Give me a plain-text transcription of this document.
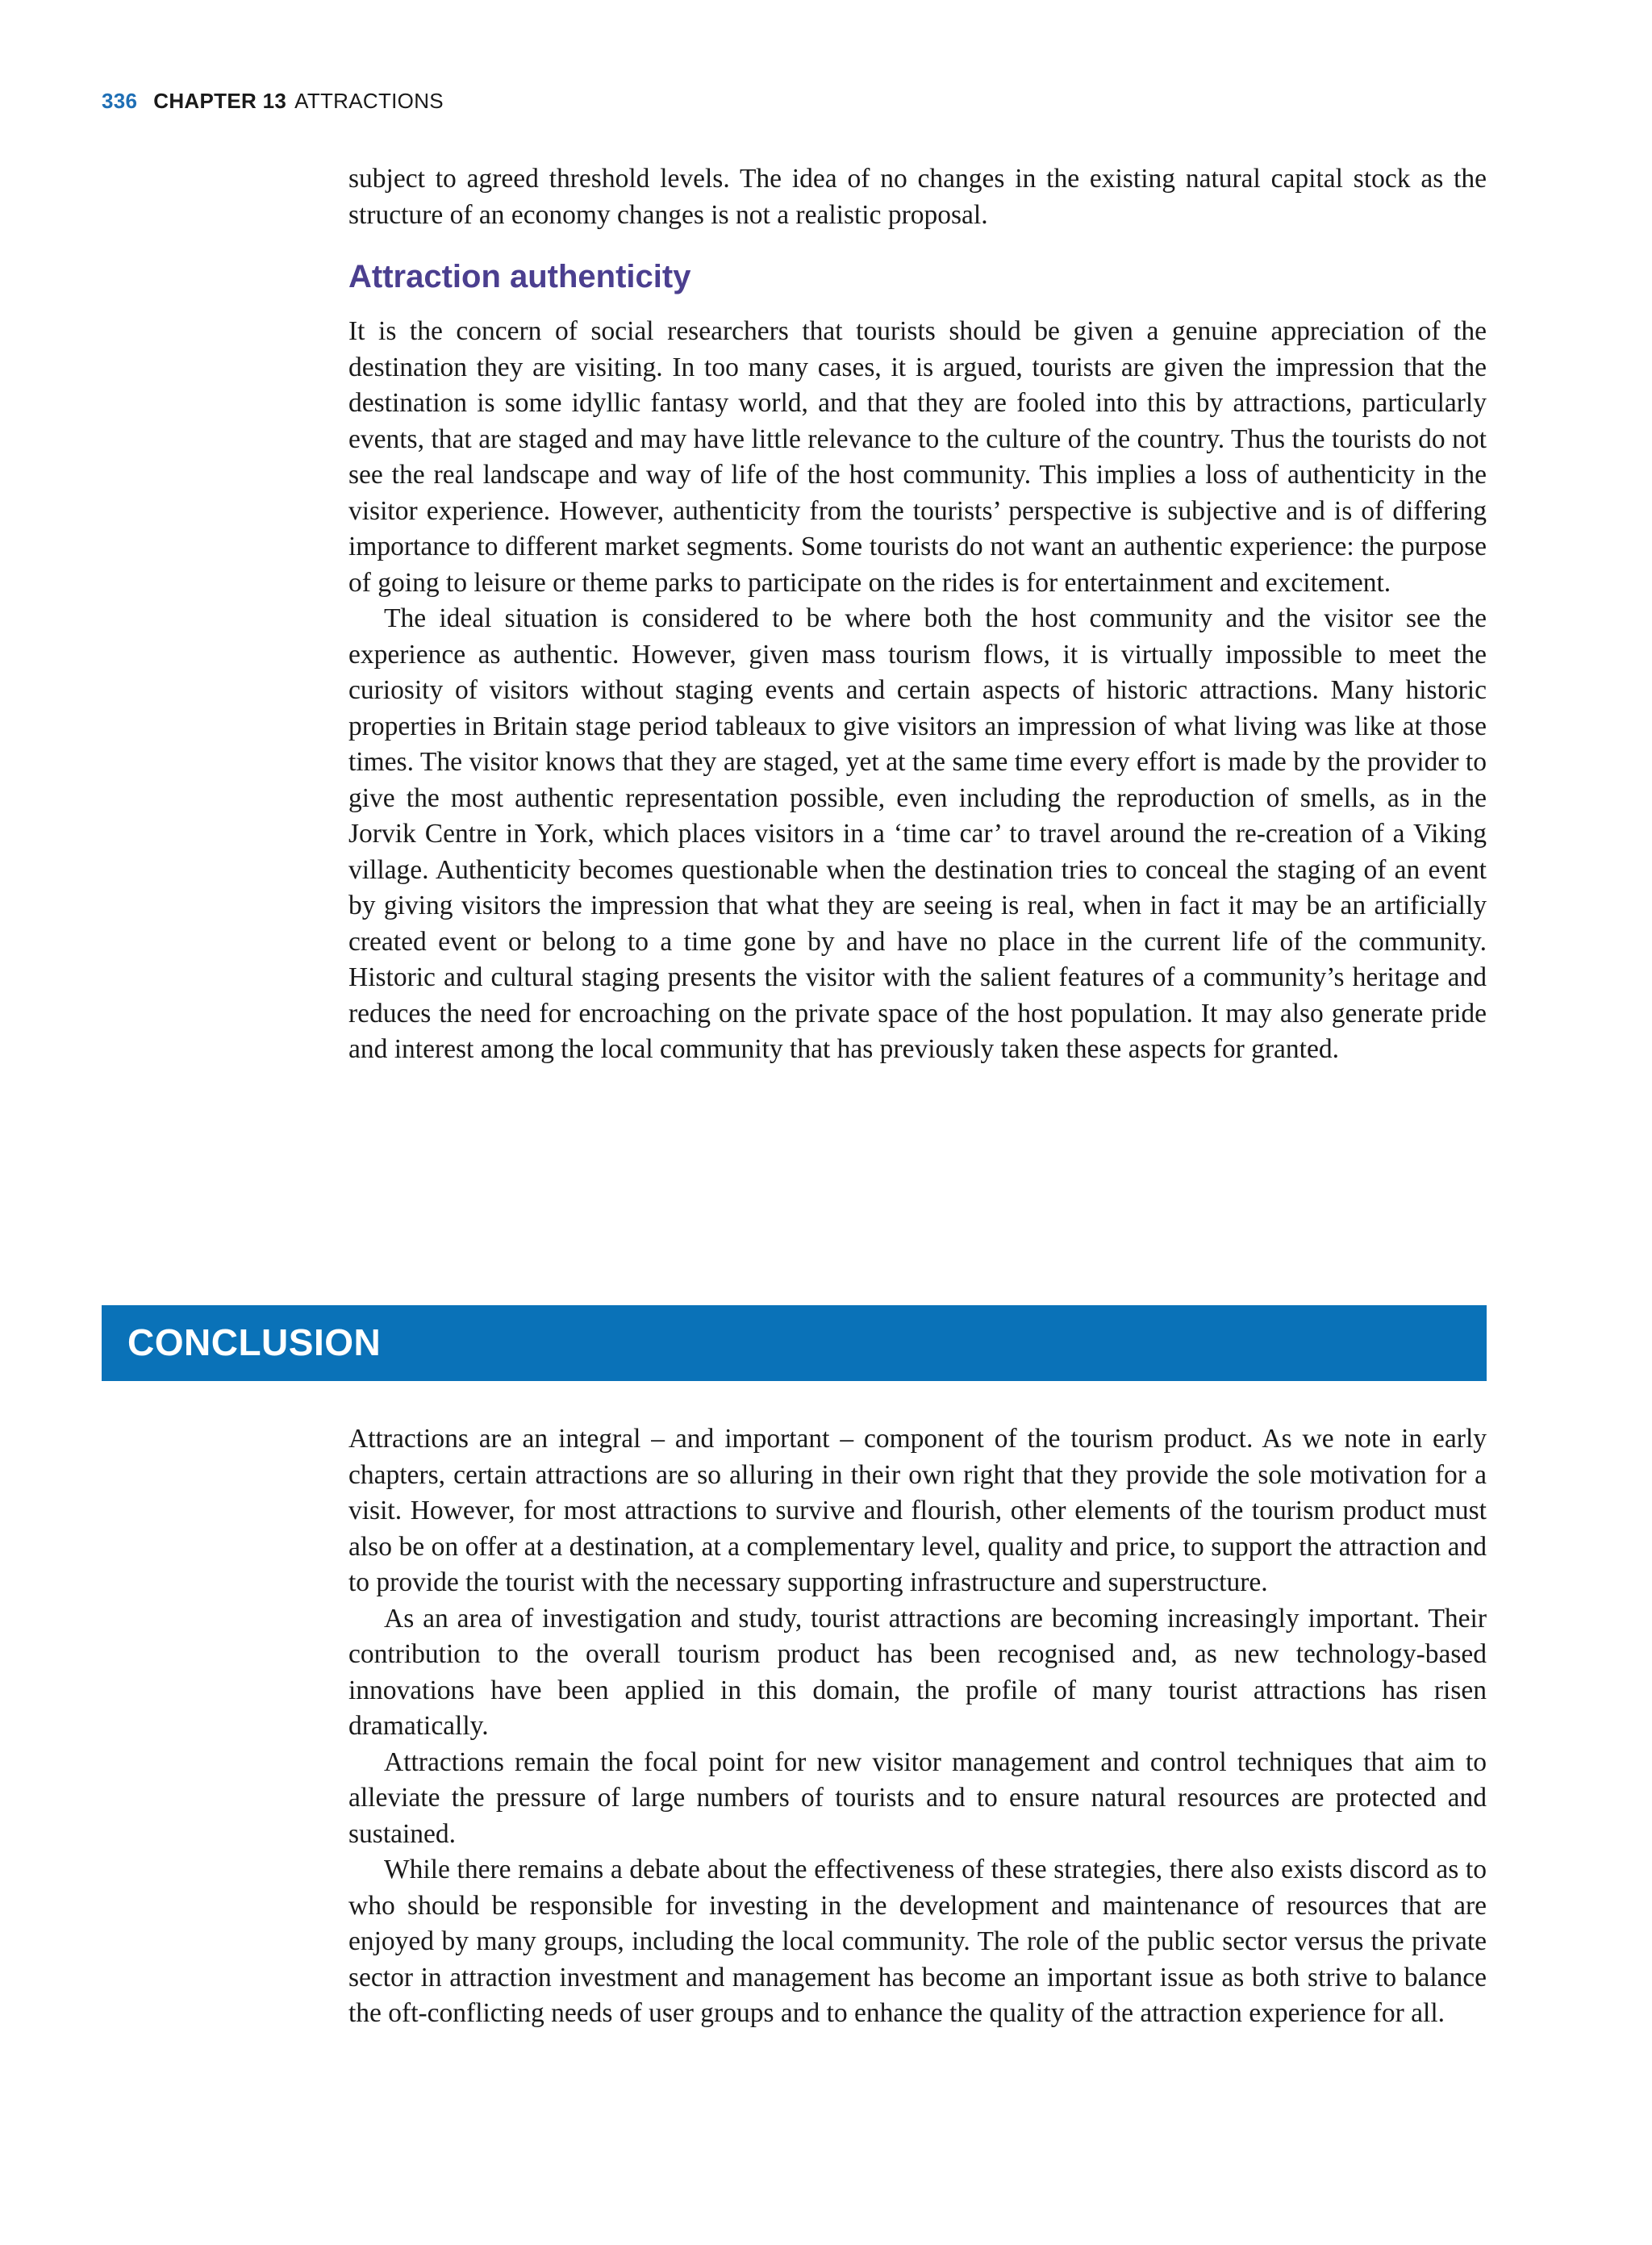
336 CHAPTER 13 ATTRACTIONS

subject to agreed threshold levels. The idea of no changes in the existing natural capital stock as the structure of an economy changes is not a realistic proposal.

Attraction authenticity

It is the concern of social researchers that tourists should be given a genuine appreciation of the destination they are visiting. In too many cases, it is argued, tourists are given the impression that the destination is some idyllic fantasy world, and that they are fooled into this by attractions, particularly events, that are staged and may have little relevance to the culture of the country. Thus the tourists do not see the real landscape and way of life of the host community. This implies a loss of authenticity in the visitor experience. However, authenticity from the tourists’ perspective is subjective and is of differing importance to different market segments. Some tourists do not want an authentic experience: the purpose of going to leisure or theme parks to participate on the rides is for entertainment and excitement.

The ideal situation is considered to be where both the host community and the visitor see the experience as authentic. However, given mass tourism flows, it is virtually impossible to meet the curiosity of visitors without staging events and certain aspects of historic attractions. Many historic properties in Britain stage period tableaux to give visitors an impression of what living was like at those times. The visitor knows that they are staged, yet at the same time every effort is made by the provider to give the most authentic representation possible, even including the reproduction of smells, as in the Jorvik Centre in York, which places visitors in a ‘time car’ to travel around the re-creation of a Viking village. Authenticity becomes questionable when the destination tries to conceal the staging of an event by giving visitors the impression that what they are seeing is real, when in fact it may be an artificially created event or belong to a time gone by and have no place in the current life of the community. Historic and cultural staging presents the visitor with the salient features of a community’s heritage and reduces the need for encroaching on the private space of the host population. It may also generate pride and interest among the local community that has previously taken these aspects for granted.

CONCLUSION

Attractions are an integral – and important – component of the tourism product. As we note in early chapters, certain attractions are so alluring in their own right that they provide the sole motivation for a visit. However, for most attractions to survive and flourish, other elements of the tourism product must also be on offer at a destination, at a complementary level, quality and price, to support the attraction and to provide the tourist with the necessary supporting infrastructure and superstructure.

As an area of investigation and study, tourist attractions are becoming increasingly important. Their contribution to the overall tourism product has been recognised and, as new technology-based innovations have been applied in this domain, the profile of many tourist attractions has risen dramatically.

Attractions remain the focal point for new visitor management and control techniques that aim to alleviate the pressure of large numbers of tourists and to ensure natural resources are protected and sustained.

While there remains a debate about the effectiveness of these strategies, there also exists discord as to who should be responsible for investing in the development and maintenance of resources that are enjoyed by many groups, including the local community. The role of the public sector versus the private sector in attraction investment and management has become an important issue as both strive to balance the oft-conflicting needs of user groups and to enhance the quality of the attraction experience for all.
